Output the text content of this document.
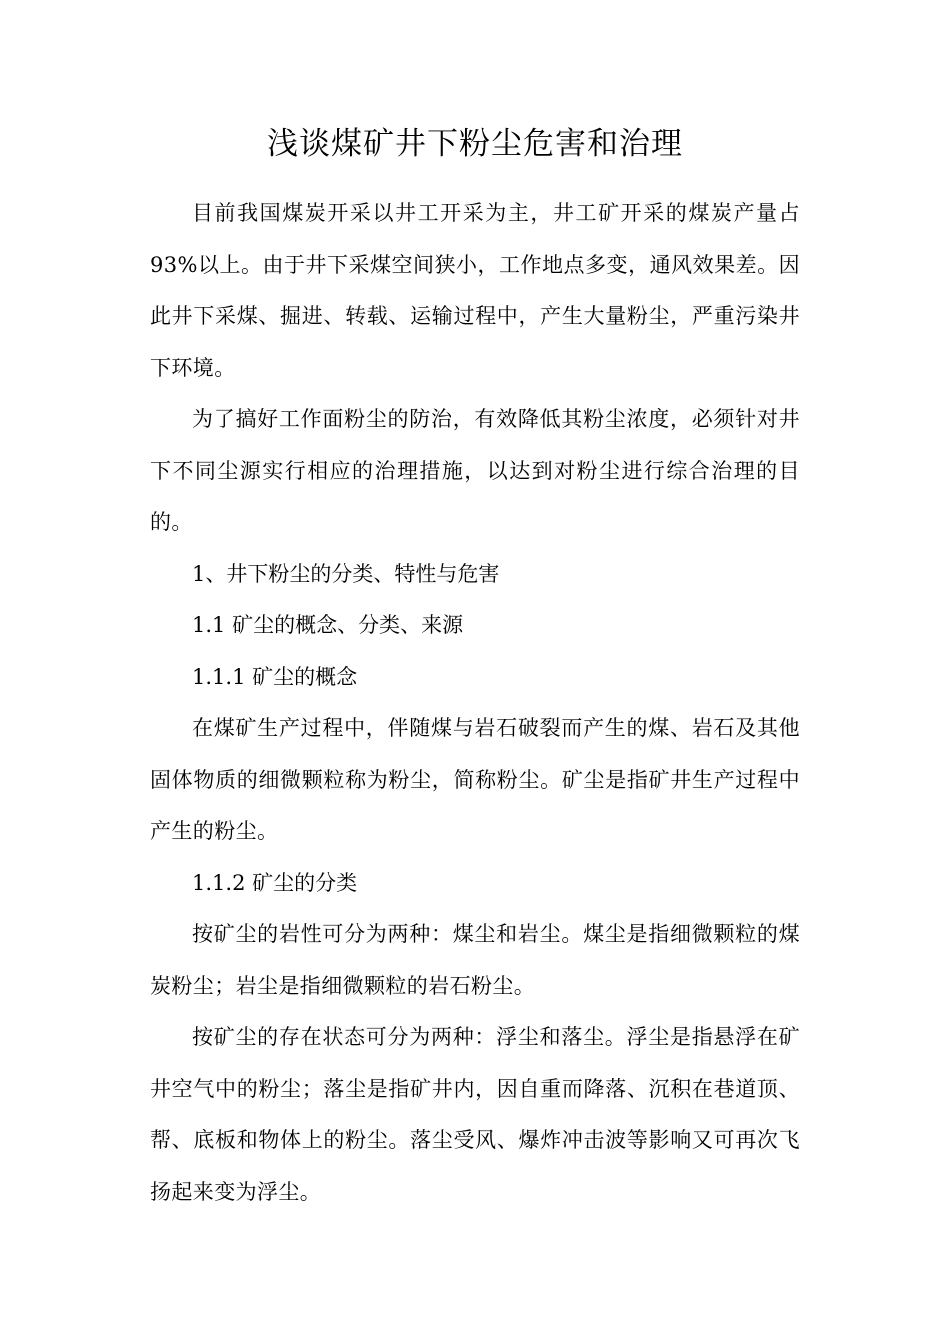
浅谈煤矿井下粉尘危害和治理

目前我国煤炭开采以井工开采为主，井工矿开采的煤炭产量占93%以上。由于井下采煤空间狭小，工作地点多变，通风效果差。因此井下采煤、掘进、转载、运输过程中，产生大量粉尘，严重污染井下环境。

为了搞好工作面粉尘的防治，有效降低其粉尘浓度，必须针对井下不同尘源实行相应的治理措施，以达到对粉尘进行综合治理的目的。

1、井下粉尘的分类、特性与危害

1.1 矿尘的概念、分类、来源

1.1.1 矿尘的概念

在煤矿生产过程中，伴随煤与岩石破裂而产生的煤、岩石及其他固体物质的细微颗粒称为粉尘，简称粉尘。矿尘是指矿井生产过程中产生的粉尘。

1.1.2 矿尘的分类

按矿尘的岩性可分为两种：煤尘和岩尘。煤尘是指细微颗粒的煤炭粉尘；岩尘是指细微颗粒的岩石粉尘。

按矿尘的存在状态可分为两种：浮尘和落尘。浮尘是指悬浮在矿井空气中的粉尘；落尘是指矿井内，因自重而降落、沉积在巷道顶、帮、底板和物体上的粉尘。落尘受风、爆炸冲击波等影响又可再次飞扬起来变为浮尘。
